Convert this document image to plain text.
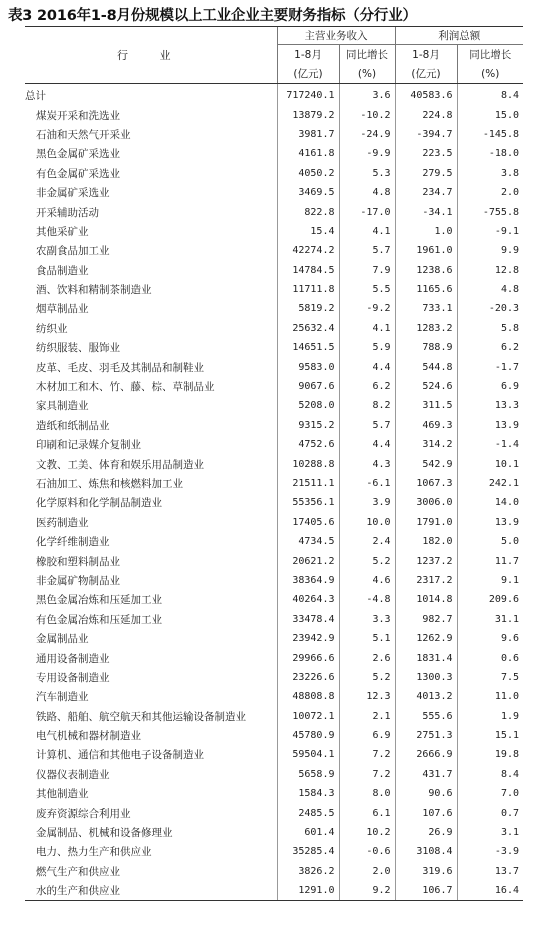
表3 2016年1-8月份规模以上工业企业主要财务指标（分行业）
行 业	主营业务收入		利润总额	
	1-8月	同比增长	1-8月	同比增长
	(亿元)	(%)	(亿元)	(%)
总计	717240.1	3.6	40583.6	8.4
煤炭开采和洗选业	13879.2	-10.2	224.8	15.0
石油和天然气开采业	3981.7	-24.9	-394.7	-145.8
黑色金属矿采选业	4161.8	-9.9	223.5	-18.0
有色金属矿采选业	4050.2	5.3	279.5	3.8
非金属矿采选业	3469.5	4.8	234.7	2.0
开采辅助活动	822.8	-17.0	-34.1	-755.8
其他采矿业	15.4	4.1	1.0	-9.1
农副食品加工业	42274.2	5.7	1961.0	9.9
食品制造业	14784.5	7.9	1238.6	12.8
酒、饮料和精制茶制造业	11711.8	5.5	1165.6	4.8
烟草制品业	5819.2	-9.2	733.1	-20.3
纺织业	25632.4	4.1	1283.2	5.8
纺织服装、服饰业	14651.5	5.9	788.9	6.2
皮革、毛皮、羽毛及其制品和制鞋业	9583.0	4.4	544.8	-1.7
木材加工和木、竹、藤、棕、草制品业	9067.6	6.2	524.6	6.9
家具制造业	5208.0	8.2	311.5	13.3
造纸和纸制品业	9315.2	5.7	469.3	13.9
印刷和记录媒介复制业	4752.6	4.4	314.2	-1.4
文教、工美、体育和娱乐用品制造业	10288.8	4.3	542.9	10.1
石油加工、炼焦和核燃料加工业	21511.1	-6.1	1067.3	242.1
化学原料和化学制品制造业	55356.1	3.9	3006.0	14.0
医药制造业	17405.6	10.0	1791.0	13.9
化学纤维制造业	4734.5	2.4	182.0	5.0
橡胶和塑料制品业	20621.2	5.2	1237.2	11.7
非金属矿物制品业	38364.9	4.6	2317.2	9.1
黑色金属冶炼和压延加工业	40264.3	-4.8	1014.8	209.6
有色金属冶炼和压延加工业	33478.4	3.3	982.7	31.1
金属制品业	23942.9	5.1	1262.9	9.6
通用设备制造业	29966.6	2.6	1831.4	0.6
专用设备制造业	23226.6	5.2	1300.3	7.5
汽车制造业	48808.8	12.3	4013.2	11.0
铁路、船舶、航空航天和其他运输设备制造业	10072.1	2.1	555.6	1.9
电气机械和器材制造业	45780.9	6.9	2751.3	15.1
计算机、通信和其他电子设备制造业	59504.1	7.2	2666.9	19.8
仪器仪表制造业	5658.9	7.2	431.7	8.4
其他制造业	1584.3	8.0	90.6	7.0
废弃资源综合利用业	2485.5	6.1	107.6	0.7
金属制品、机械和设备修理业	601.4	10.2	26.9	3.1
电力、热力生产和供应业	35285.4	-0.6	3108.4	-3.9
燃气生产和供应业	3826.2	2.0	319.6	13.7
水的生产和供应业	1291.0	9.2	106.7	16.4
